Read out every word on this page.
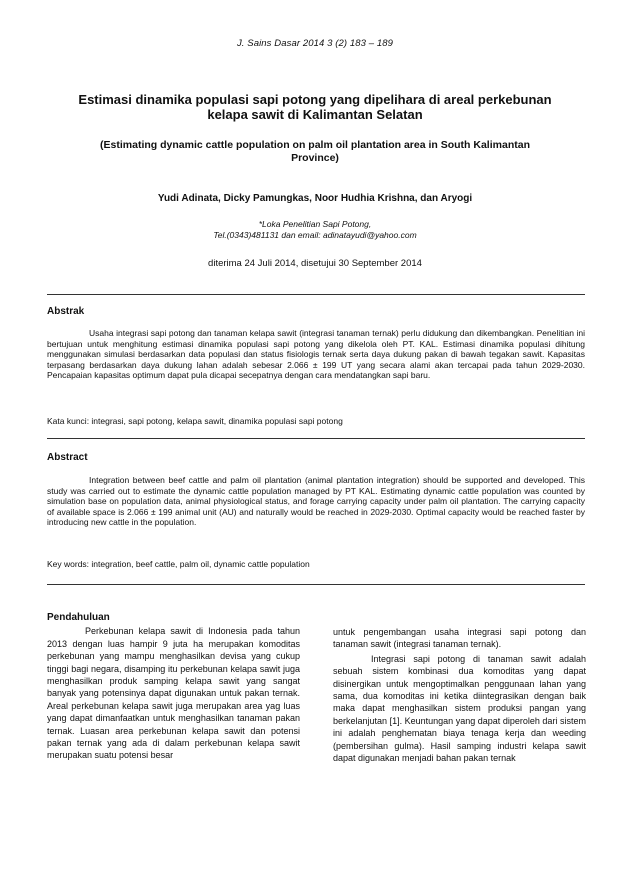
J. Sains Dasar 2014 3 (2) 183 – 189
Estimasi dinamika populasi sapi potong yang dipelihara di areal perkebunan kelapa sawit di Kalimantan Selatan
(Estimating dynamic cattle population on palm oil plantation area in South Kalimantan Province)
Yudi Adinata, Dicky Pamungkas, Noor Hudhia Krishna, dan Aryogi
*Loka Penelitian Sapi Potong,
Tel.(0343)481131 dan email: adinatayudi@yahoo.com
diterima 24 Juli 2014, disetujui 30 September 2014
Abstrak

Usaha integrasi sapi potong dan tanaman kelapa sawit (integrasi tanaman ternak) perlu didukung dan dikembangkan. Penelitian ini bertujuan untuk menghitung estimasi dinamika populasi sapi potong yang dikelola oleh PT. KAL. Estimasi dinamika populasi dihitung menggunakan simulasi berdasarkan data populasi dan status fisiologis ternak serta daya dukung pakan di bawah tegakan sawit. Kapasitas terpasang berdasarkan daya dukung lahan adalah sebesar 2.066 ± 199 UT yang secara alami akan tercapai pada tahun 2029-2030. Pencapaian kapasitas optimum dapat pula dicapai secepatnya dengan cara mendatangkan sapi baru.

Kata kunci: integrasi, sapi potong, kelapa sawit, dinamika populasi sapi potong
Abstract

Integration between beef cattle and palm oil plantation (animal plantation integration) should be supported and developed. This study was carried out to estimate the dynamic cattle population managed by PT KAL. Estimating dynamic cattle population was counted by simulation base on population data, animal physiological status, and forage carrying capacity under palm oil plantation. The carrying capacity of available space is 2.066 ± 199 animal unit (AU) and naturally would be reached in 2029-2030. Optimal capacity would be reached faster by introducing new cattle in the population.

Key words: integration, beef cattle, palm oil, dynamic cattle population

Pendahuluan

Perkebunan kelapa sawit di Indonesia pada tahun 2013 dengan luas hampir 9 juta ha merupakan komoditas perkebunan yang mampu menghasilkan devisa yang cukup tinggi bagi negara, disamping itu perkebunan kelapa sawit juga menghasilkan produk samping kelapa sawit yang sangat banyak yang potensinya dapat digunakan untuk pakan ternak. Areal perkebunan kelapa sawit juga merupakan area yag luas yang dapat dimanfaatkan untuk menghasilkan tanaman pakan ternak. Luasan area perkebunan kelapa sawit dan potensi pakan ternak yang ada di dalam perkebunan kelapa sawit merupakan suatu potensi besar

untuk pengembangan usaha integrasi sapi potong dan tanaman sawit (integrasi tanaman ternak).

Integrasi sapi potong di tanaman sawit adalah sebuah sistem kombinasi dua komoditas yang dapat disinergikan untuk mengoptimalkan penggunaan lahan yang sama, dua komoditas ini ketika diintegrasikan dengan baik maka dapat menghasilkan sistem produksi pangan yang berkelanjutan [1]. Keuntungan yang dapat diperoleh dari sistem ini adalah penghematan biaya tenaga kerja dan weeding (pembersihan gulma). Hasil samping industri kelapa sawit dapat digunakan menjadi bahan pakan ternak
